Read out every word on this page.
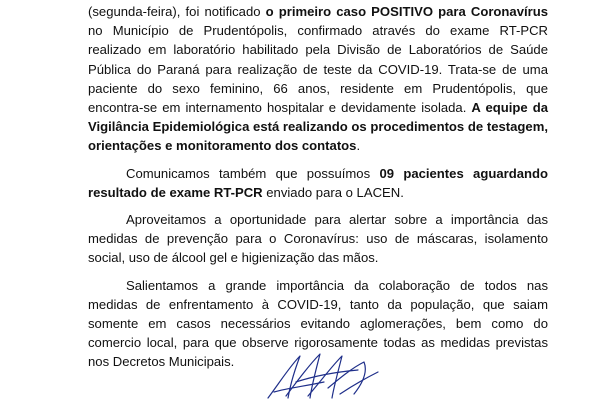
(segunda-feira), foi notificado o primeiro caso POSITIVO para Coronavírus no Município de Prudentópolis, confirmado através do exame RT-PCR realizado em laboratório habilitado pela Divisão de Laboratórios de Saúde Pública do Paraná para realização de teste da COVID-19. Trata-se de uma paciente do sexo feminino, 66 anos, residente em Prudentópolis, que encontra-se em internamento hospitalar e devidamente isolada. A equipe da Vigilância Epidemiológica está realizando os procedimentos de testagem, orientações e monitoramento dos contatos.

Comunicamos também que possuímos 09 pacientes aguardando resultado de exame RT-PCR enviado para o LACEN.

Aproveitamos a oportunidade para alertar sobre a importância das medidas de prevenção para o Coronavírus: uso de máscaras, isolamento social, uso de álcool gel e higienização das mãos.

Salientamos a grande importância da colaboração de todos nas medidas de enfrentamento à COVID-19, tanto da população, que saiam somente em casos necessários evitando aglomerações, bem como do comercio local, para que observe rigorosamente todas as medidas previstas nos Decretos Municipais.
